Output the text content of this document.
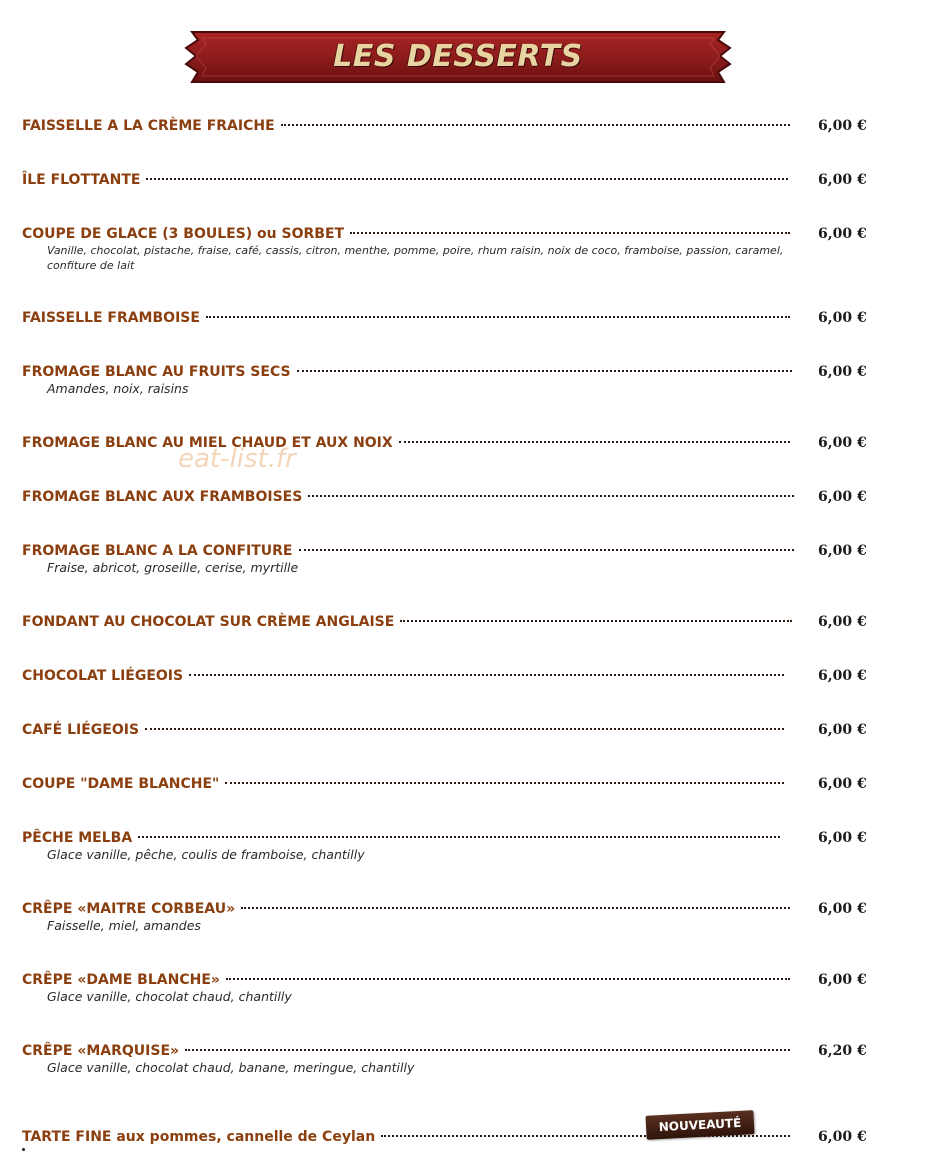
LES DESSERTS
FAISSELLE A LA CRÈME FRAICHE	6,00 €
ÎLE FLOTTANTE	6,00 €
COUPE DE GLACE (3 BOULES) ou SORBET	6,00 €
Vanille, chocolat, pistache, fraise, café, cassis, citron, menthe, pomme, poire, rhum raisin, noix de coco, framboise, passion, caramel, confiture de lait
FAISSELLE FRAMBOISE	6,00 €
FROMAGE BLANC AU FRUITS SECS	6,00 €
Amandes, noix, raisins
FROMAGE BLANC AU MIEL CHAUD ET AUX NOIX	6,00 €
FROMAGE BLANC AUX FRAMBOISES	6,00 €
FROMAGE BLANC A LA CONFITURE	6,00 €
Fraise, abricot, groseille, cerise, myrtille
FONDANT AU CHOCOLAT SUR CRÈME ANGLAISE	6,00 €
CHOCOLAT LIÉGEOIS	6,00 €
CAFÉ LIÉGEOIS	6,00 €
COUPE "DAME BLANCHE"	6,00 €
PÊCHE MELBA	6,00 €
Glace vanille, pêche, coulis de framboise, chantilly
CRÊPE «MAITRE CORBEAU»	6,00 €
Faisselle, miel, amandes
CRÊPE «DAME BLANCHE»	6,00 €
Glace vanille, chocolat chaud, chantilly
CRÊPE «MARQUISE»	6,20 €
Glace vanille, chocolat chaud, banane, meringue, chantilly
TARTE FINE aux pommes, cannelle de Ceylan	6,00 €
eat-list.fr
NOUVEAUTÉ
